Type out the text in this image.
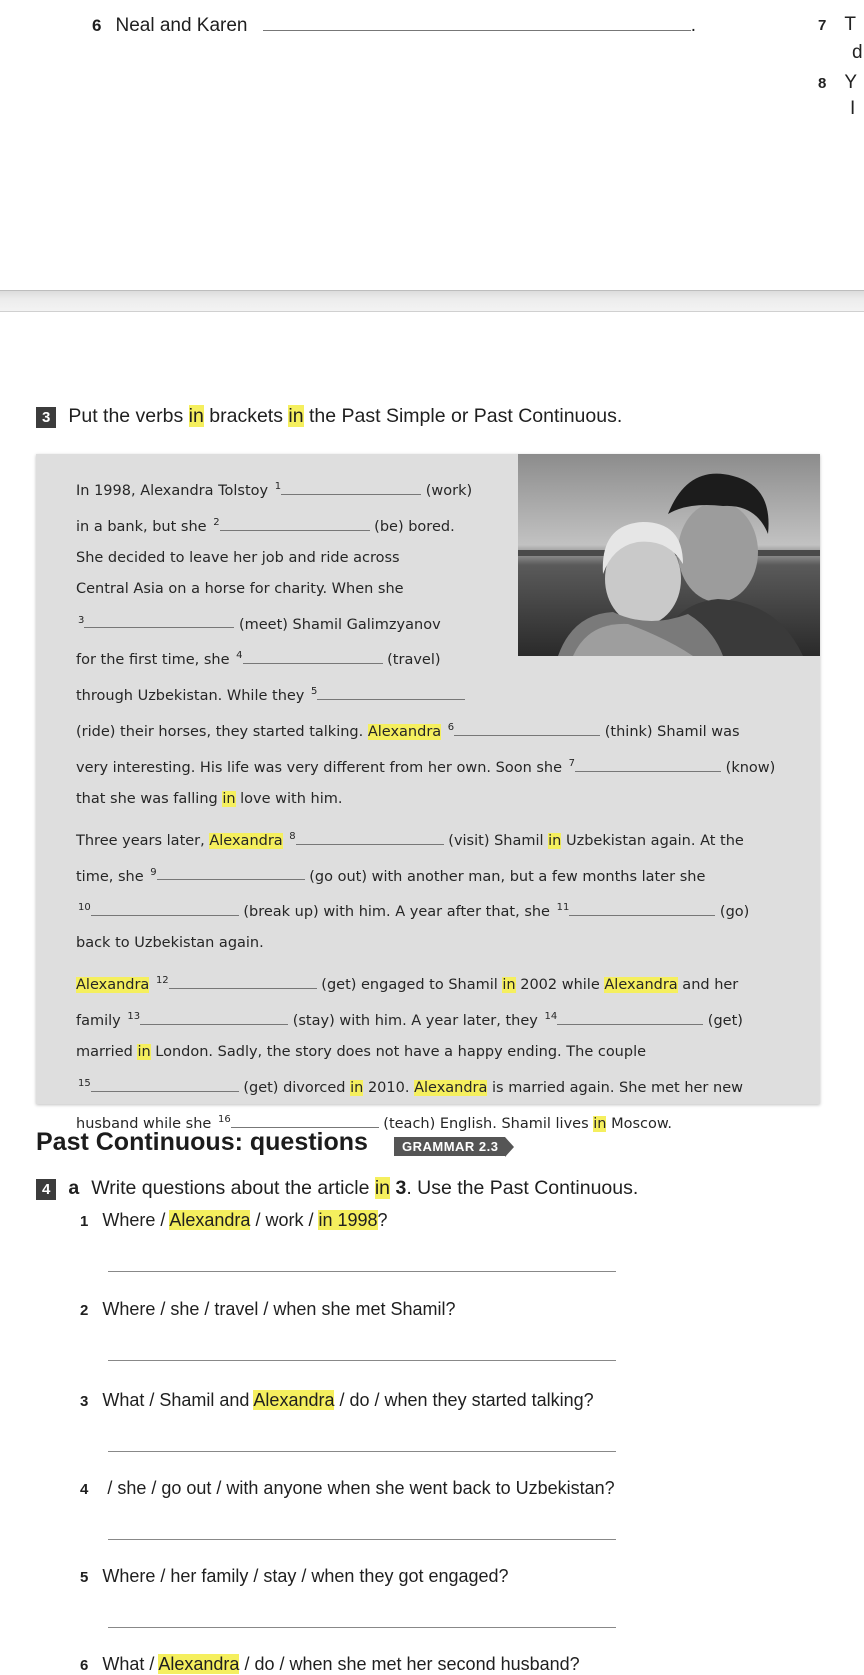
6 Neal and Karen	.	7 T
d
8 Y
I
3 Put the verbs in brackets in the Past Simple or Past Continuous.
In 1998, Alexandra Tolstoy $^1$	(work)
in a bank, but she $^2$	(be) bored.
She decided to leave her job and ride across
Central Asia on a horse for charity. When she
$^3$	(meet) Shamil Galimzyanov
for the first time, she $^4$	(travel)
through Uzbekistan. While they $^5$
(ride) their horses, they started talking. Alexandra $^6$	(think) Shamil was
very interesting. His life was very different from her own. Soon she $^7$	(know)
that she was falling in love with him.
Three years later, Alexandra $^8$	(visit) Shamil in Uzbekistan again. At the
time, she $^9$	(go out) with another man, but a few months later she
$^{10}$	(break up) with him. A year after that, she $^{11}$	(go)
back to Uzbekistan again.
Alexandra $^{12}$	(get) engaged to Shamil in 2002 while Alexandra and her
family $^{13}$	(stay) with him. A year later, they $^{14}$	(get)
married in London. Sadly, the story does not have a happy ending. The couple
$^{15}$	(get) divorced in 2010. Alexandra is married again. She met her new
husband while she $^{16}$	(teach) English. Shamil lives in Moscow.
Past Continuous: questions	GRAMMAR 2.3
4 a Write questions about the article in 3. Use the Past Continuous.
1 Where / Alexandra / work / in 1998?
2 Where / she / travel / when she met Shamil?
3 What / Shamil and Alexandra / do / when they started talking?
4 / she / go out / with anyone when she went back to Uzbekistan?
5 Where / her family / stay / when they got engaged?
6 What / Alexandra / do / when she met her second husband?
